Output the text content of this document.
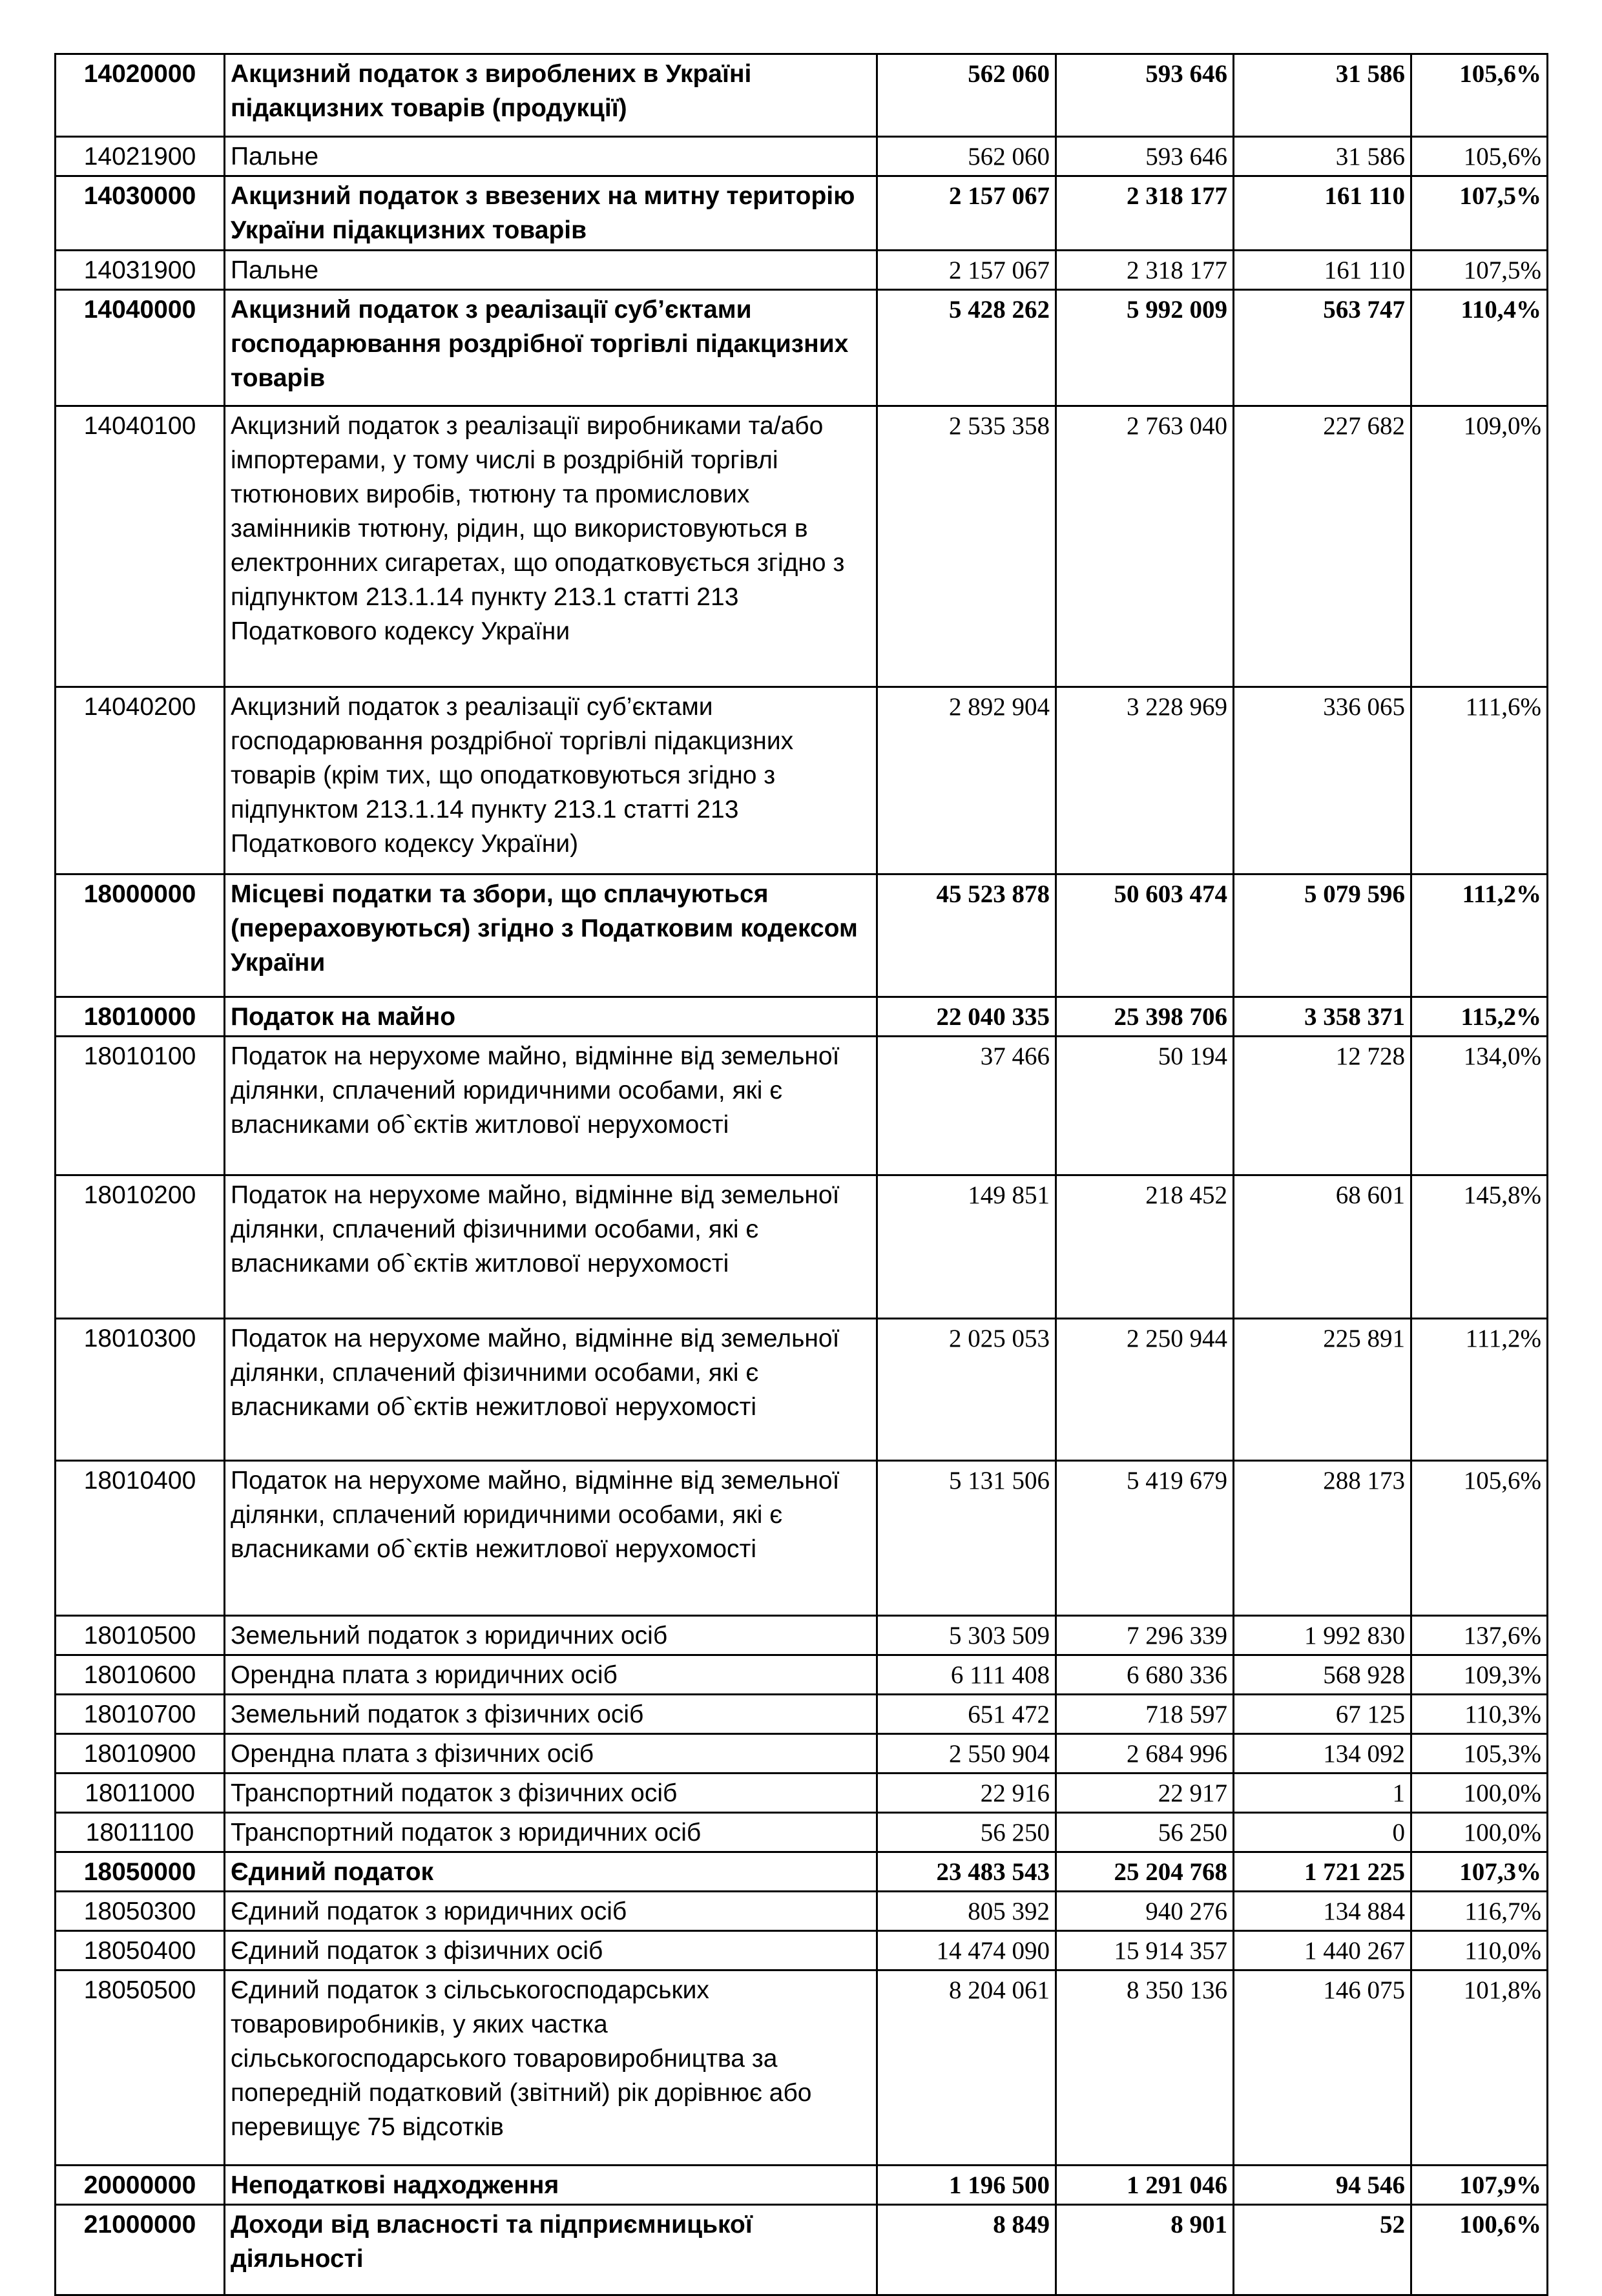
14020000	Акцизний податок з вироблених в Україні підакцизних товарів (продукції)	562 060	593 646	31 586	105,6%
14021900	Пальне	562 060	593 646	31 586	105,6%
14030000	Акцизний податок з ввезених на митну територію України підакцизних товарів	2 157 067	2 318 177	161 110	107,5%
14031900	Пальне	2 157 067	2 318 177	161 110	107,5%
14040000	Акцизний податок з реалізації суб’єктами господарювання роздрібної торгівлі підакцизних товарів	5 428 262	5 992 009	563 747	110,4%
14040100	Акцизний податок з реалізації виробниками та/або імпортерами, у тому числі в роздрібній торгівлі тютюнових виробів, тютюну та промислових замінників тютюну, рідин, що використовуються в електронних сигаретах, що оподатковується згідно з підпунктом 213.1.14 пункту 213.1 статті 213 Податкового кодексу України	2 535 358	2 763 040	227 682	109,0%
14040200	Акцизний податок з реалізації суб’єктами господарювання роздрібної торгівлі підакцизних товарів (крім тих, що оподатковуються згідно з підпунктом 213.1.14 пункту 213.1 статті 213 Податкового кодексу України)	2 892 904	3 228 969	336 065	111,6%
18000000	Місцеві податки та збори, що сплачуються (перераховуються) згідно з Податковим кодексом України	45 523 878	50 603 474	5 079 596	111,2%
18010000	Податок на майно	22 040 335	25 398 706	3 358 371	115,2%
18010100	Податок на нерухоме майно, відмінне від земельної ділянки, сплачений юридичними особами, які є власниками об`єктів житлової нерухомості	37 466	50 194	12 728	134,0%
18010200	Податок на нерухоме майно, відмінне від земельної ділянки, сплачений фізичними особами, які є власниками об`єктів житлової нерухомості	149 851	218 452	68 601	145,8%
18010300	Податок на нерухоме майно, відмінне від земельної ділянки, сплачений фізичними особами, які є власниками об`єктів нежитлової нерухомості	2 025 053	2 250 944	225 891	111,2%
18010400	Податок на нерухоме майно, відмінне від земельної ділянки, сплачений юридичними особами, які є власниками об`єктів нежитлової нерухомості	5 131 506	5 419 679	288 173	105,6%
18010500	Земельний податок з юридичних осіб	5 303 509	7 296 339	1 992 830	137,6%
18010600	Орендна плата з юридичних осіб	6 111 408	6 680 336	568 928	109,3%
18010700	Земельний податок з фізичних осіб	651 472	718 597	67 125	110,3%
18010900	Орендна плата з фізичних осіб	2 550 904	2 684 996	134 092	105,3%
18011000	Транспортний податок з фізичних осіб	22 916	22 917	1	100,0%
18011100	Транспортний податок з юридичних осіб	56 250	56 250	0	100,0%
18050000	Єдиний податок	23 483 543	25 204 768	1 721 225	107,3%
18050300	Єдиний податок з юридичних осіб	805 392	940 276	134 884	116,7%
18050400	Єдиний податок з фізичних осіб	14 474 090	15 914 357	1 440 267	110,0%
18050500	Єдиний податок з сільськогосподарських товаровиробників, у яких частка сільськогосподарського товаровиробництва за попередній податковий (звітний) рік дорівнює або перевищує 75 відсотків	8 204 061	8 350 136	146 075	101,8%
20000000	Неподаткові надходження	1 196 500	1 291 046	94 546	107,9%
21000000	Доходи від власності та підприємницької діяльності	8 849	8 901	52	100,6%
